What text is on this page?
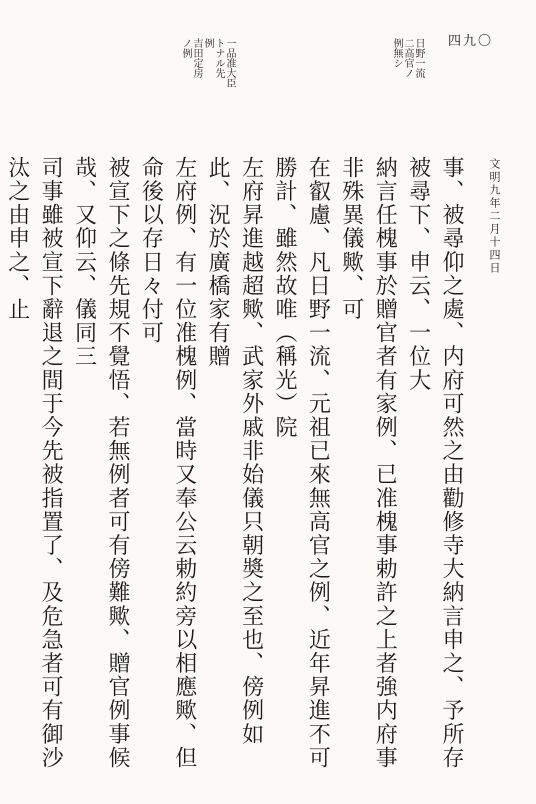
四九〇
文明九年二月十四日
日野一流
二高官ノ
例無シ
一品准大臣
トナル先
例
吉田定房
ノ例

事、被尋仰之處、内府可然之由勸修寺大納言申之、予所存被尋下、申云、一位大

納言任槐事於贈官者有家例、已准槐事勅許之上者強内府事非殊異儀歟、可

在叡慮、凡日野一流、元祖已來無高官之例、近年昇進不可勝計、雖然故唯（稱光）院

左府昇進越超歟、武家外戚非始儀只朝奬之至也、傍例如此、況於廣橋家有贈

左府例、有一位准槐例、當時又奉公云勅約旁以相應歟、但命後以存日々付可

被宣下之條先規不覺悟、若無例者可有傍難歟、贈官例事候哉、又仰云、儀同三

司事雖被宣下辭退之間于今先被指置了、及危急者可有御沙汰之由申之、止
